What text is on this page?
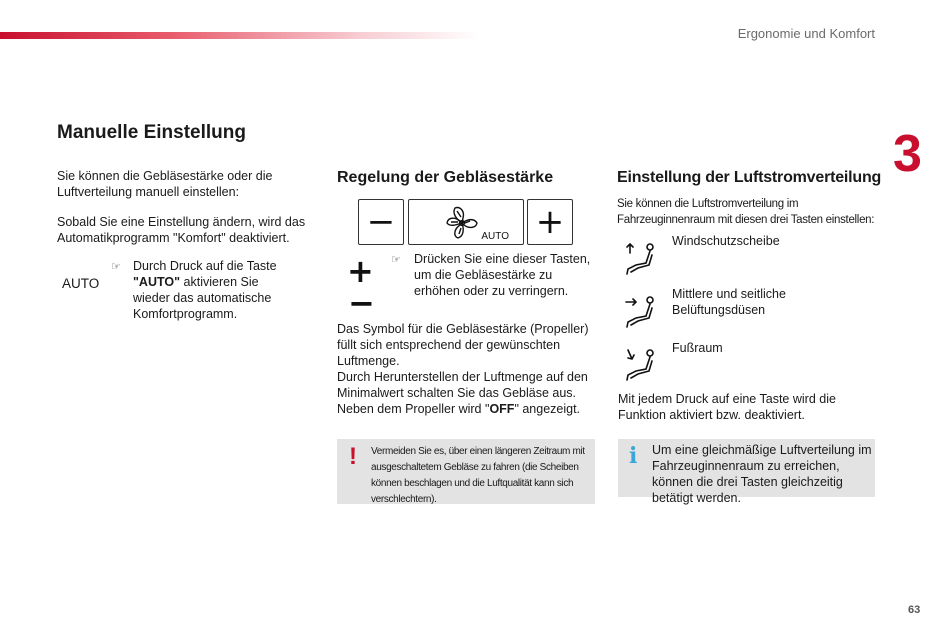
Ergonomie und Komfort
3
Manuelle Einstellung
Sie können die Gebläsestärke oder die Luftverteilung manuell einstellen:
Sobald Sie eine Einstellung ändern, wird das Automatikprogramm "Komfort" deaktiviert.
AUTO
☞ Durch Druck auf die Taste "AUTO" aktivieren Sie wieder das automatische Komfortprogramm.
Regelung der Gebläsestärke
−	AUTO +
+
−
☞ Drücken Sie eine dieser Tasten, um die Gebläsestärke zu erhöhen oder zu verringern.
Das Symbol für die Gebläsestärke (Propeller) füllt sich entsprechend der gewünschten Luftmenge.
Durch Herunterstellen der Luftmenge auf den Minimalwert schalten Sie das Gebläse aus.
Neben dem Propeller wird "OFF" angezeigt.
! Vermeiden Sie es, über einen längeren Zeitraum mit ausgeschaltetem Gebläse zu fahren (die Scheiben können beschlagen und die Luftqualität kann sich verschlechtern).
Einstellung der Luftstromverteilung
Sie können die Luftstromverteilung im Fahrzeuginnenraum mit diesen drei Tasten einstellen:
Windschutzscheibe
Mittlere und seitliche Belüftungsdüsen
Fußraum
Mit jedem Druck auf eine Taste wird die Funktion aktiviert bzw. deaktiviert.
i Um eine gleichmäßige Luftverteilung im Fahrzeuginnenraum zu erreichen, können die drei Tasten gleichzeitig betätigt werden.
63
